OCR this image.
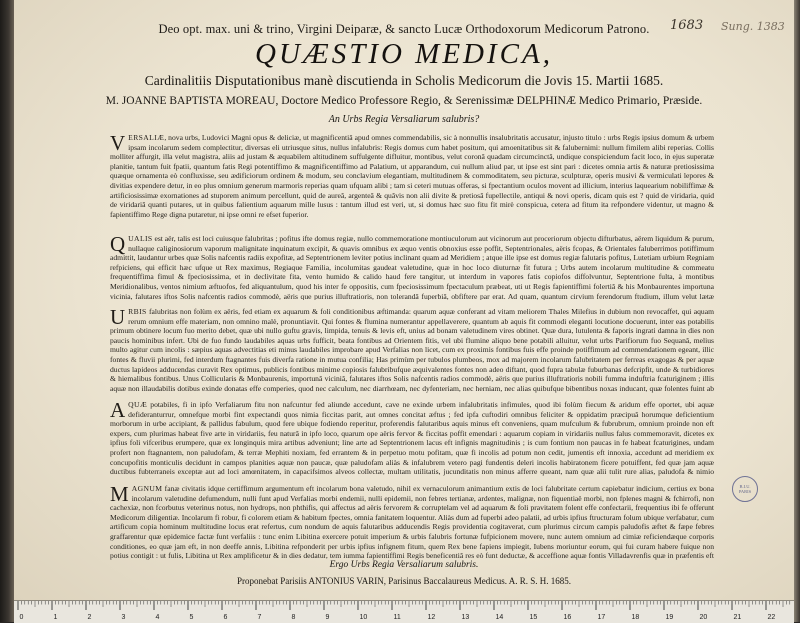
Deo opt. max. uni & trino, Virgini Deiparæ, & sancto Lucæ Orthodoxorum Medicorum Patrono.	1683 Sung. 1383
QUÆSTIO MEDICA,
Cardinalitiis Disputationibus manè discutienda in Scholis Medicorum die Jovis 15. Martii 1685.
M. JOANNE BAPTISTA MOREAU, Doctore Medico Professore Regio, & Serenissimæ DELPHINÆ Medico Primario, Præside.
An Urbs Regia Versaliarum salubris?
VERSALIÆ, nova urbs, Ludovici Magni opus & deliciæ, ut magnificentiâ apud omnes commendabilis, sic à nonnullis insalubritatis accusatur, injusto titulo : urbs Regis ipsius domum & urbem ipsam incolarum sedem complectitur, diversas eli utriusque situs, nullus infalubris: Regis domus cum habet positum, qui amoenitatibus sit & falubernimi: nullum fimilem alibi reperias. Collis molliter affurgit, illa velut magistra, aliis ad justam & æquabilem altitudinem suffulgente difluitur, montibus, velut coronâ quadam circumcinctâ, undique conspiciendum facit loco, in ejus superatæ planitie, tantum fuit fpatii, quantum fatis Regi potentiffimo & magnificentiffimo ad Palatium, ut apparandum, cui nullum aliud par, ut ipse est sint pari : dicetes omnia artis & naturæ pretiosissima quæque ornamenta eò confluxisse, seu ædificiorum ordinem & modum, seu conclavium elegantiam, multitudinem & commoditatem, seu picturæ, sculpturæ, operis musivi & vermiculati lepores & divitias expendere detur, in eo plus omnium generum marmoris reperias quam ufquam alibi ; tam si ceteri mutuas offeras, si fpectantium oculos movent ad illicium, interius laquearium nobiliffimæ & artificiosissimæ exornationes ad stuporem animum percellunt, quid de aureâ, argenteâ & quâvis non alii divite & pretiosâ fupellectile, antiqui & novi operis, dicam quis est ? quid de viridaria, quid de viridariâ quanti putares, ut in quibus falientium aquarum mille lusus : tantum illud est veri, ut, si domus hæc suo fitu fit mirè conspicua, cetera ad fitum ita refpondere videntur, ut magno & fapientiffimo Rege digna putaretur, ni ipse omni re efset fuperior.
QUALIS est aër, talis est loci cuiusque falubritas ; pofitus ifte domus regiæ, nullo commemoratione montiuculorum aut vicinorum aut proceriorum objectu difturbatus, aërem liquidum & purum, nullaque caliginosiorum vaporum malignitate inquinatum excipit, & quavis omnibus ex æquo ventis obnoxius esse poffit, Septentrionales, aëris fcopas, & Orientales faluberrimos potiffimum admittit, laudantur urbes quæ Solis nafcentis radiis expofitæ, ad Septentrionem leviter potius inclinant quam ad Meridiem ; atque ille ipse est domus regiæ falutaris pofitus, Lutetiam urbium Regniam refpiciens, qui efficit hæc ufque ut Rex maximus, Regiaque Familia, incolumitas gaudeat valetudine, quæ in hoc loco diuturnæ fit futura ; Urbs autem incolarum multitudine & commeatu frequentiffima fimul & fpeciosissima, et in declivitate fita, vento humido & calido haud fere tangitur, ut interdum in vapores fatis copiofos diffolvuntur, Septentrione fulta, à montibus Meridionalibus, ventos nimium æftuofos, fed aliquantulum, quod his inter fe oppositis, cum fpeciosissimum fpectaculum præbeat, uti ut Regis fapientiffimi folertiâ & his Monbaurentes importuna vicinia, falutares iftos Solis nafcentis radios commodè, aëris que purius illuftratioris, non tolerandâ fuperbiâ, obfiftere par erat. Ad quam, quantum cirvium ferendorum ftudium, illum velut lætæ
URBIS falubritas non folùm ex aëris, fed etiam ex aquarum & foli conditionibus æftimanda: quarum aquæ conferant ad vitam meliorem Thales Milefius in dubium non revocaffet, qui aquam rerum omnium effe materiam, non omnino malè, pronuntiavit. Qui fontes & flumina numerantur appellaverere, quantum ab aquis fit commodi eleganti locutione docuerunt, inter eas potabilis primum obtinere locum fuo merito debet, quæ ubi nullo guftu gravis, limpida, tenuis & levis eft, unius ad bonam valetudinem vires obtinet. Quæ dura, lutulenta & faporis ingrati damna in dies non paucis hominibus infert. Ubi de fuo fundo laudabiles aquas urbs fufficit, beata fontibus ad Orientem fitis, vel ubi flumine aliquo bene potabili alluitur, velut urbs Parifiorum fuo Sequanâ, melius multo agitur cum incolis : sæpius aquas advectitias eti minus laudabiles improbare apud Verfalias non licet, cum ex proximis fontibus fuis effe proinde potiffimum ad commendationem egeant, illic fontes & fluvii plurimi, fed interdum ftagnantes fuis diverfa ratione in mutua confilia; Has primùm per tubulos plumbeos, mox ad majorem incolarum falubritatem per ferreas exagogas & per aquæ ductus lapideos adducendas curavit Rex optimus, publicis fontibus minime copiosis falubribufque æquivalentes fontes non adeo diftant, quod fupra tabulæ fuburbanas defcripfit, unde & turbidiores & hiemalibus fontibus. Unus Collicularis & Monbaurenis, importunâ viciniâ, falutares iftos Solis nafcentis radios commodè, aëris que purius illuftratioris nobili fumma induftria fcaturiginem ; illis aquæ non illaudabilis dotibus exinde donatas effe comperies, quod nec calculum, nec diarrhœam, nec dyfenteriam, nec herniam, nec alias quibufque bibentibus noxas inducant, quæ folentes fuint ab
AQUÆ potabiles, fi in ipfo Verfaliarum fitu non nafcuntur fed aliunde accedunt, cave ne exinde urbem infalubritatis infimules, quod ibi folùm fiecum & aridum effe oportet, ubi aquæ defideranturrur, omnefque morbi fint expectandi quos nimia ficcitas parit, aut omnes concitat æftus ; fed ipfa cuftodiri omnibus feliciter & oppidatim præcipuâ horumque deficientium morborum in urbe accipiant, & pallidus fabulum, quod fere ubique fodiendo reperitur, proferendis falutaribus aquis minus eft conveniens, quam mufculum & fubrubrum, omnium proinde non eft expers, cum plurimas habeat five arte in viridariis, feu naturâ in ipfo loco, quarum ope aëris fervor & ficcitas poffit emendari : aquarum copiam in viridariis nullus falus commemoravit, dicetes ex ipfius foli vifceribus erumpere, quæ ex longinquis mira artibus adveniunt; line arte ad Septentrionem lacus eft infignis magnitudinis ; is cum fontium non paucas in fe habeat fcaturigines, undam profert non ftagnantem, non paludofam, & terræ Mephiti noxiam, fed errantem & in perpetuo motu pofitam, quæ fi incolis ad potum non cedit, jumentis eft innoxia, accedunt ad meridiem ex concupofitis monticulis decidunt in campos planities aquæ non paucæ, quæ paludofam aliàs & infalubrem vetero pagi fundentis deleri incolis habiratonem ficere potuiffent, fed quæ jam aquæ ductibus fubterraneis exceptæ aut ad loci amœnitatem, in capacifsimos alveos collectæ, multam utilitatis, jucunditatis non minus afferre queant, nam quæ alii tulit rure alias, paludofa & nimio
MAGNUM fanæ civitatis idque certiffimum argumentum eft incolarum bona valetudo, nihil ex vernaculorum animantium extis de loci falubritate certum capiebatur indicium, certius ex bona incolarum valetudine defumendum, nulli funt apud Verfalias morbi endemii, nulli epidemii, non febres tertianæ, ardentes, malignæ, non fiquentiaë morbi, non fplenes magni & fchirrofi, non cachexiæ, non fcorbutus veterinus notus, non hydrops, non phthifis, qui affectus ad aëris fervorem & corruptelam vel ad aquarum & foli pravitatem folent effe confectarii, frequentius ibi fe offerunt Medicorum diligentiæ. Incolarum fi robur, fi colorem etiam & habitum fpectes, omnia fanitatem loquentur. Aliàs dum ad fuperbi adeo palatii, ad urbis ipfius ftructuram folum ubique verfabatur, cum artificum copia hominum multitudine locus erat refertus, cum nondum de aquis falutaribus adducendis Regis providentia cogitaverat, cum plurimus circum campis paludofis æftet & fæpe febres graffarentur quæ epidemice factæ funt verfaliis : tunc enim Libitina exercere potuit imperium & urbis falubris fortunæ fufpicionem movere, nunc autem omnium ad cimiæ reficiendæque corporis conditiones, eo quæ jam eft, in non deeffe annis, Libitina refponderit per urbis ipfius infignem fitum, quem Rex bene fapiens impiegit, Iubens moriuntur eorum, qui fui curam habere fuique non potius contigit : ut fulis, Libitina ut Rex amplificetur & in dies dedatur, tem iumma fapientiffimi Regis beneficentiâ res eò funt deductæ, & acceffione aquæ fontis Villadavrenfis quæ in præfentis eft
Ergo Urbs Regia Versaliarum salubris.
Proponebat Parisiis ANTONIUS VARIN, Parisinus Baccalaureus Medicus. A. R. S. H. 1685.
B.I.U.
PARIS
0	1	2	3	4	5	6	7	8	9	10	11	12	13	14	15	16	17	18	19	20	21	22
